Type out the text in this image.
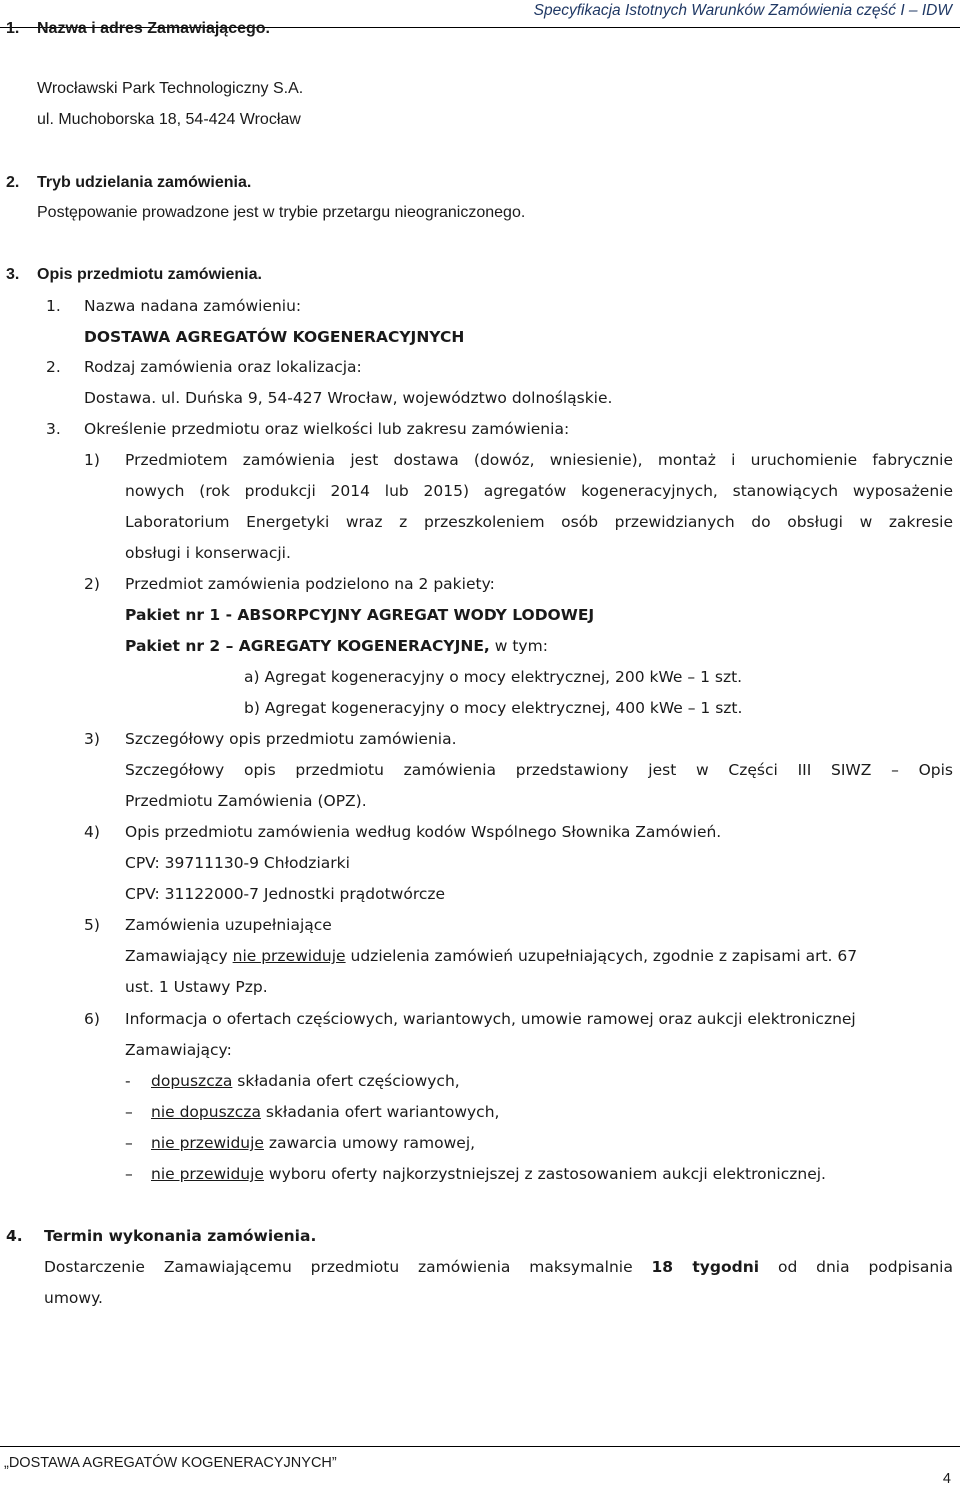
Specyfikacja Istotnych Warunków Zamówienia część I – IDW
1. Nazwa i adres Zamawiającego.
Wrocławski Park Technologiczny S.A.
ul. Muchoborska 18, 54-424 Wrocław
2. Tryb udzielania zamówienia.
Postępowanie prowadzone jest w trybie przetargu nieograniczonego.
3. Opis przedmiotu zamówienia.
1. Nazwa nadana zamówieniu:
DOSTAWA AGREGATÓW KOGENERACYJNYCH
2. Rodzaj zamówienia oraz lokalizacja:
Dostawa. ul. Duńska 9, 54-427 Wrocław, województwo dolnośląskie.
3. Określenie przedmiotu oraz wielkości lub zakresu zamówienia:
1) Przedmiotem zamówienia jest dostawa (dowóz, wniesienie), montaż i uruchomienie fabrycznie
nowych (rok produkcji 2014 lub 2015) agregatów kogeneracyjnych, stanowiących wyposażenie
Laboratorium Energetyki wraz z przeszkoleniem osób przewidzianych do obsługi w zakresie
obsługi i konserwacji.
2) Przedmiot zamówienia podzielono na 2 pakiety:
Pakiet nr 1 - ABSORPCYJNY AGREGAT WODY LODOWEJ
Pakiet nr 2 – AGREGATY KOGENERACYJNE, w tym:
a) Agregat kogeneracyjny o mocy elektrycznej, 200 kWe – 1 szt.
b) Agregat kogeneracyjny o mocy elektrycznej, 400 kWe – 1 szt.
3) Szczegółowy opis przedmiotu zamówienia.
Szczegółowy opis przedmiotu zamówienia przedstawiony jest w Części III SIWZ – Opis
Przedmiotu Zamówienia (OPZ).
4) Opis przedmiotu zamówienia według kodów Wspólnego Słownika Zamówień.
CPV: 39711130-9 Chłodziarki
CPV: 31122000-7 Jednostki prądotwórcze
5) Zamówienia uzupełniające
Zamawiający nie przewiduje udzielenia zamówień uzupełniających, zgodnie z zapisami art. 67
ust. 1 Ustawy Pzp.
6) Informacja o ofertach częściowych, wariantowych, umowie ramowej oraz aukcji elektronicznej
Zamawiający:
- dopuszcza składania ofert częściowych,
– nie dopuszcza składania ofert wariantowych,
– nie przewiduje zawarcia umowy ramowej,
– nie przewiduje wyboru oferty najkorzystniejszej z zastosowaniem aukcji elektronicznej.
4. Termin wykonania zamówienia.
Dostarczenie Zamawiającemu przedmiotu zamówienia maksymalnie 18 tygodni od dnia podpisania
umowy.
„DOSTAWA AGREGATÓW KOGENERACYJNYCH”
4
